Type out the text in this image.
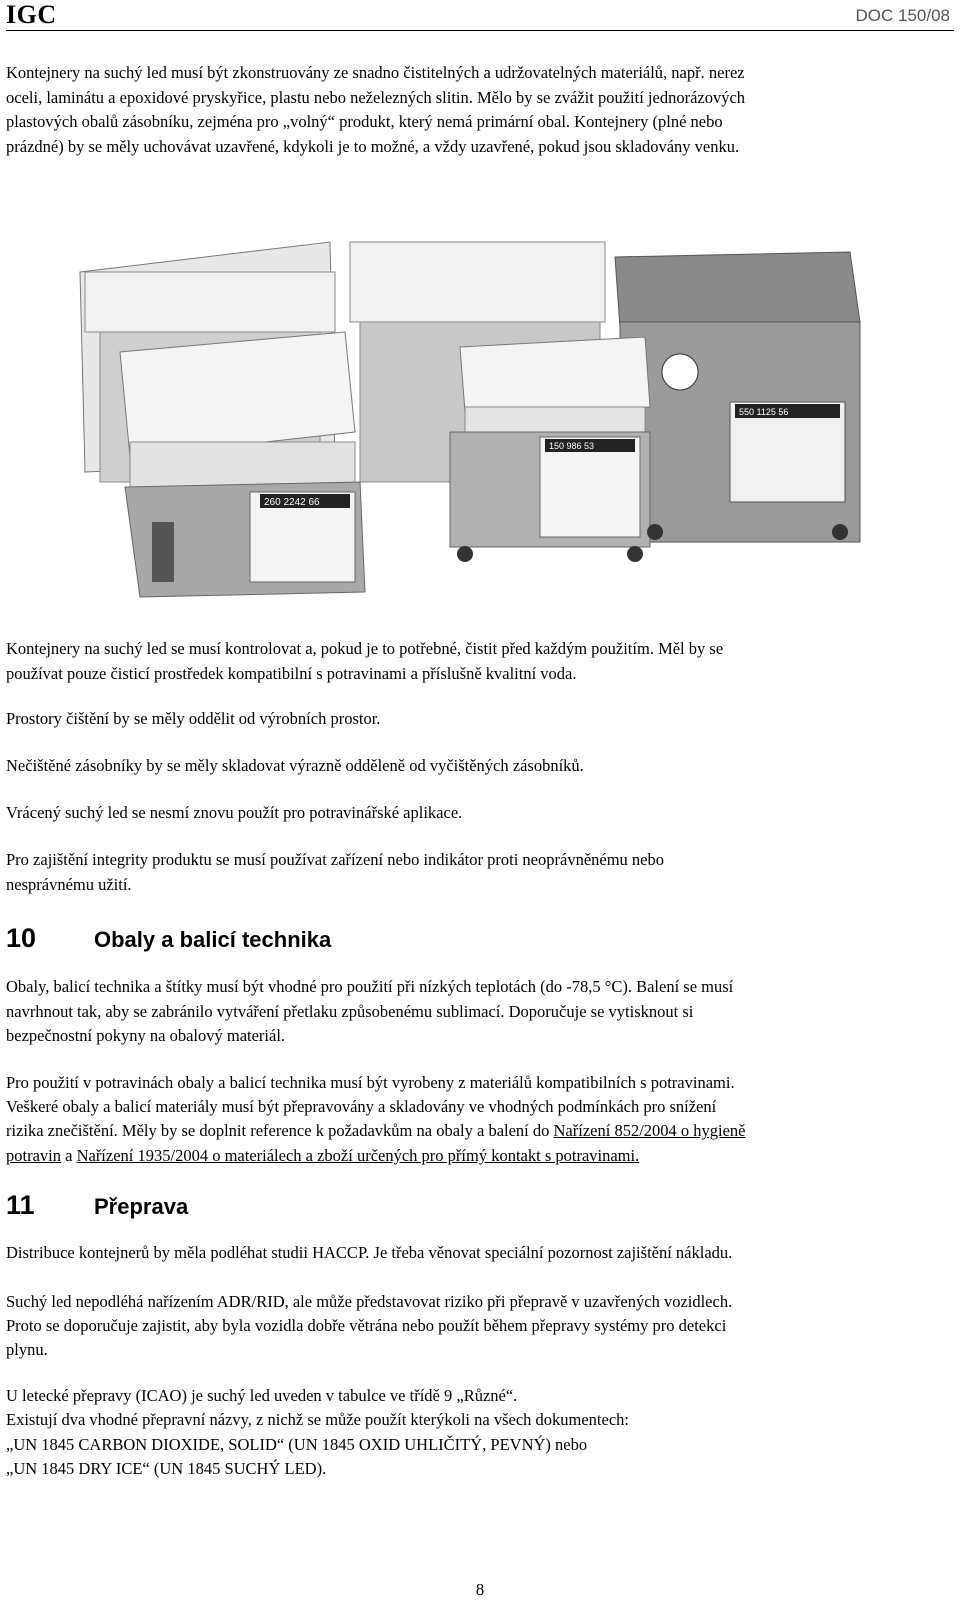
IGC	DOC 150/08
Kontejnery na suchý led musí být zkonstruovány ze snadno čistitelných a udržovatelných materiálů, např. nerez
oceli, laminátu a epoxidové pryskyřice, plastu nebo neželezných slitin. Mělo by se zvážit použití jednorázových
plastových obalů zásobníku, zejména pro „volný“ produkt, který nemá primární obal. Kontejnery (plné nebo
prázdné) by se měly uchovávat uzavřené, kdykoli je to možné, a vždy uzavřené, pokud jsou skladovány venku.
260 2242 66
150 986 53
550 1125 56
Kontejnery na suchý led se musí kontrolovat a, pokud je to potřebné, čistit před každým použitím. Měl by se
používat pouze čisticí prostředek kompatibilní s potravinami a příslušně kvalitní voda.
Prostory čištění by se měly oddělit od výrobních prostor.
Nečištěné zásobníky by se měly skladovat výrazně odděleně od vyčištěných zásobníků.
Vrácený suchý led se nesmí znovu použít pro potravinářské aplikace.
Pro zajištění integrity produktu se musí používat zařízení nebo indikátor proti neoprávněnému nebo
nesprávnému užití.
10	Obaly a balicí technika
Obaly, balicí technika a štítky musí být vhodné pro použití při nízkých teplotách (do -78,5 °C). Balení se musí
navrhnout tak, aby se zabránilo vytváření přetlaku způsobenému sublimací. Doporučuje se vytisknout si
bezpečnostní pokyny na obalový materiál.
Pro použití v potravinách obaly a balicí technika musí být vyrobeny z materiálů kompatibilních s potravinami.
Veškeré obaly a balicí materiály musí být přepravovány a skladovány ve vhodných podmínkách pro snížení
rizika znečištění. Měly by se doplnit reference k požadavkům na obaly a balení do Nařízení 852/2004 o hygieně
potravin a Nařízení 1935/2004 o materiálech a zboží určených pro přímý kontakt s potravinami.
11	Přeprava
Distribuce kontejnerů by měla podléhat studii HACCP. Je třeba věnovat speciální pozornost zajištění nákladu.
Suchý led nepodléhá nařízením ADR/RID, ale může představovat riziko při přepravě v uzavřených vozidlech.
Proto se doporučuje zajistit, aby byla vozidla dobře větrána nebo použít během přepravy systémy pro detekci
plynu.
U letecké přepravy (ICAO) je suchý led uveden v tabulce ve třídě 9 „Různé“.
Existují dva vhodné přepravní názvy, z nichž se může použít kterýkoli na všech dokumentech:
„UN 1845 CARBON DIOXIDE, SOLID“ (UN 1845 OXID UHLIČITÝ, PEVNÝ) nebo
„UN 1845 DRY ICE“ (UN 1845 SUCHÝ LED).
8
